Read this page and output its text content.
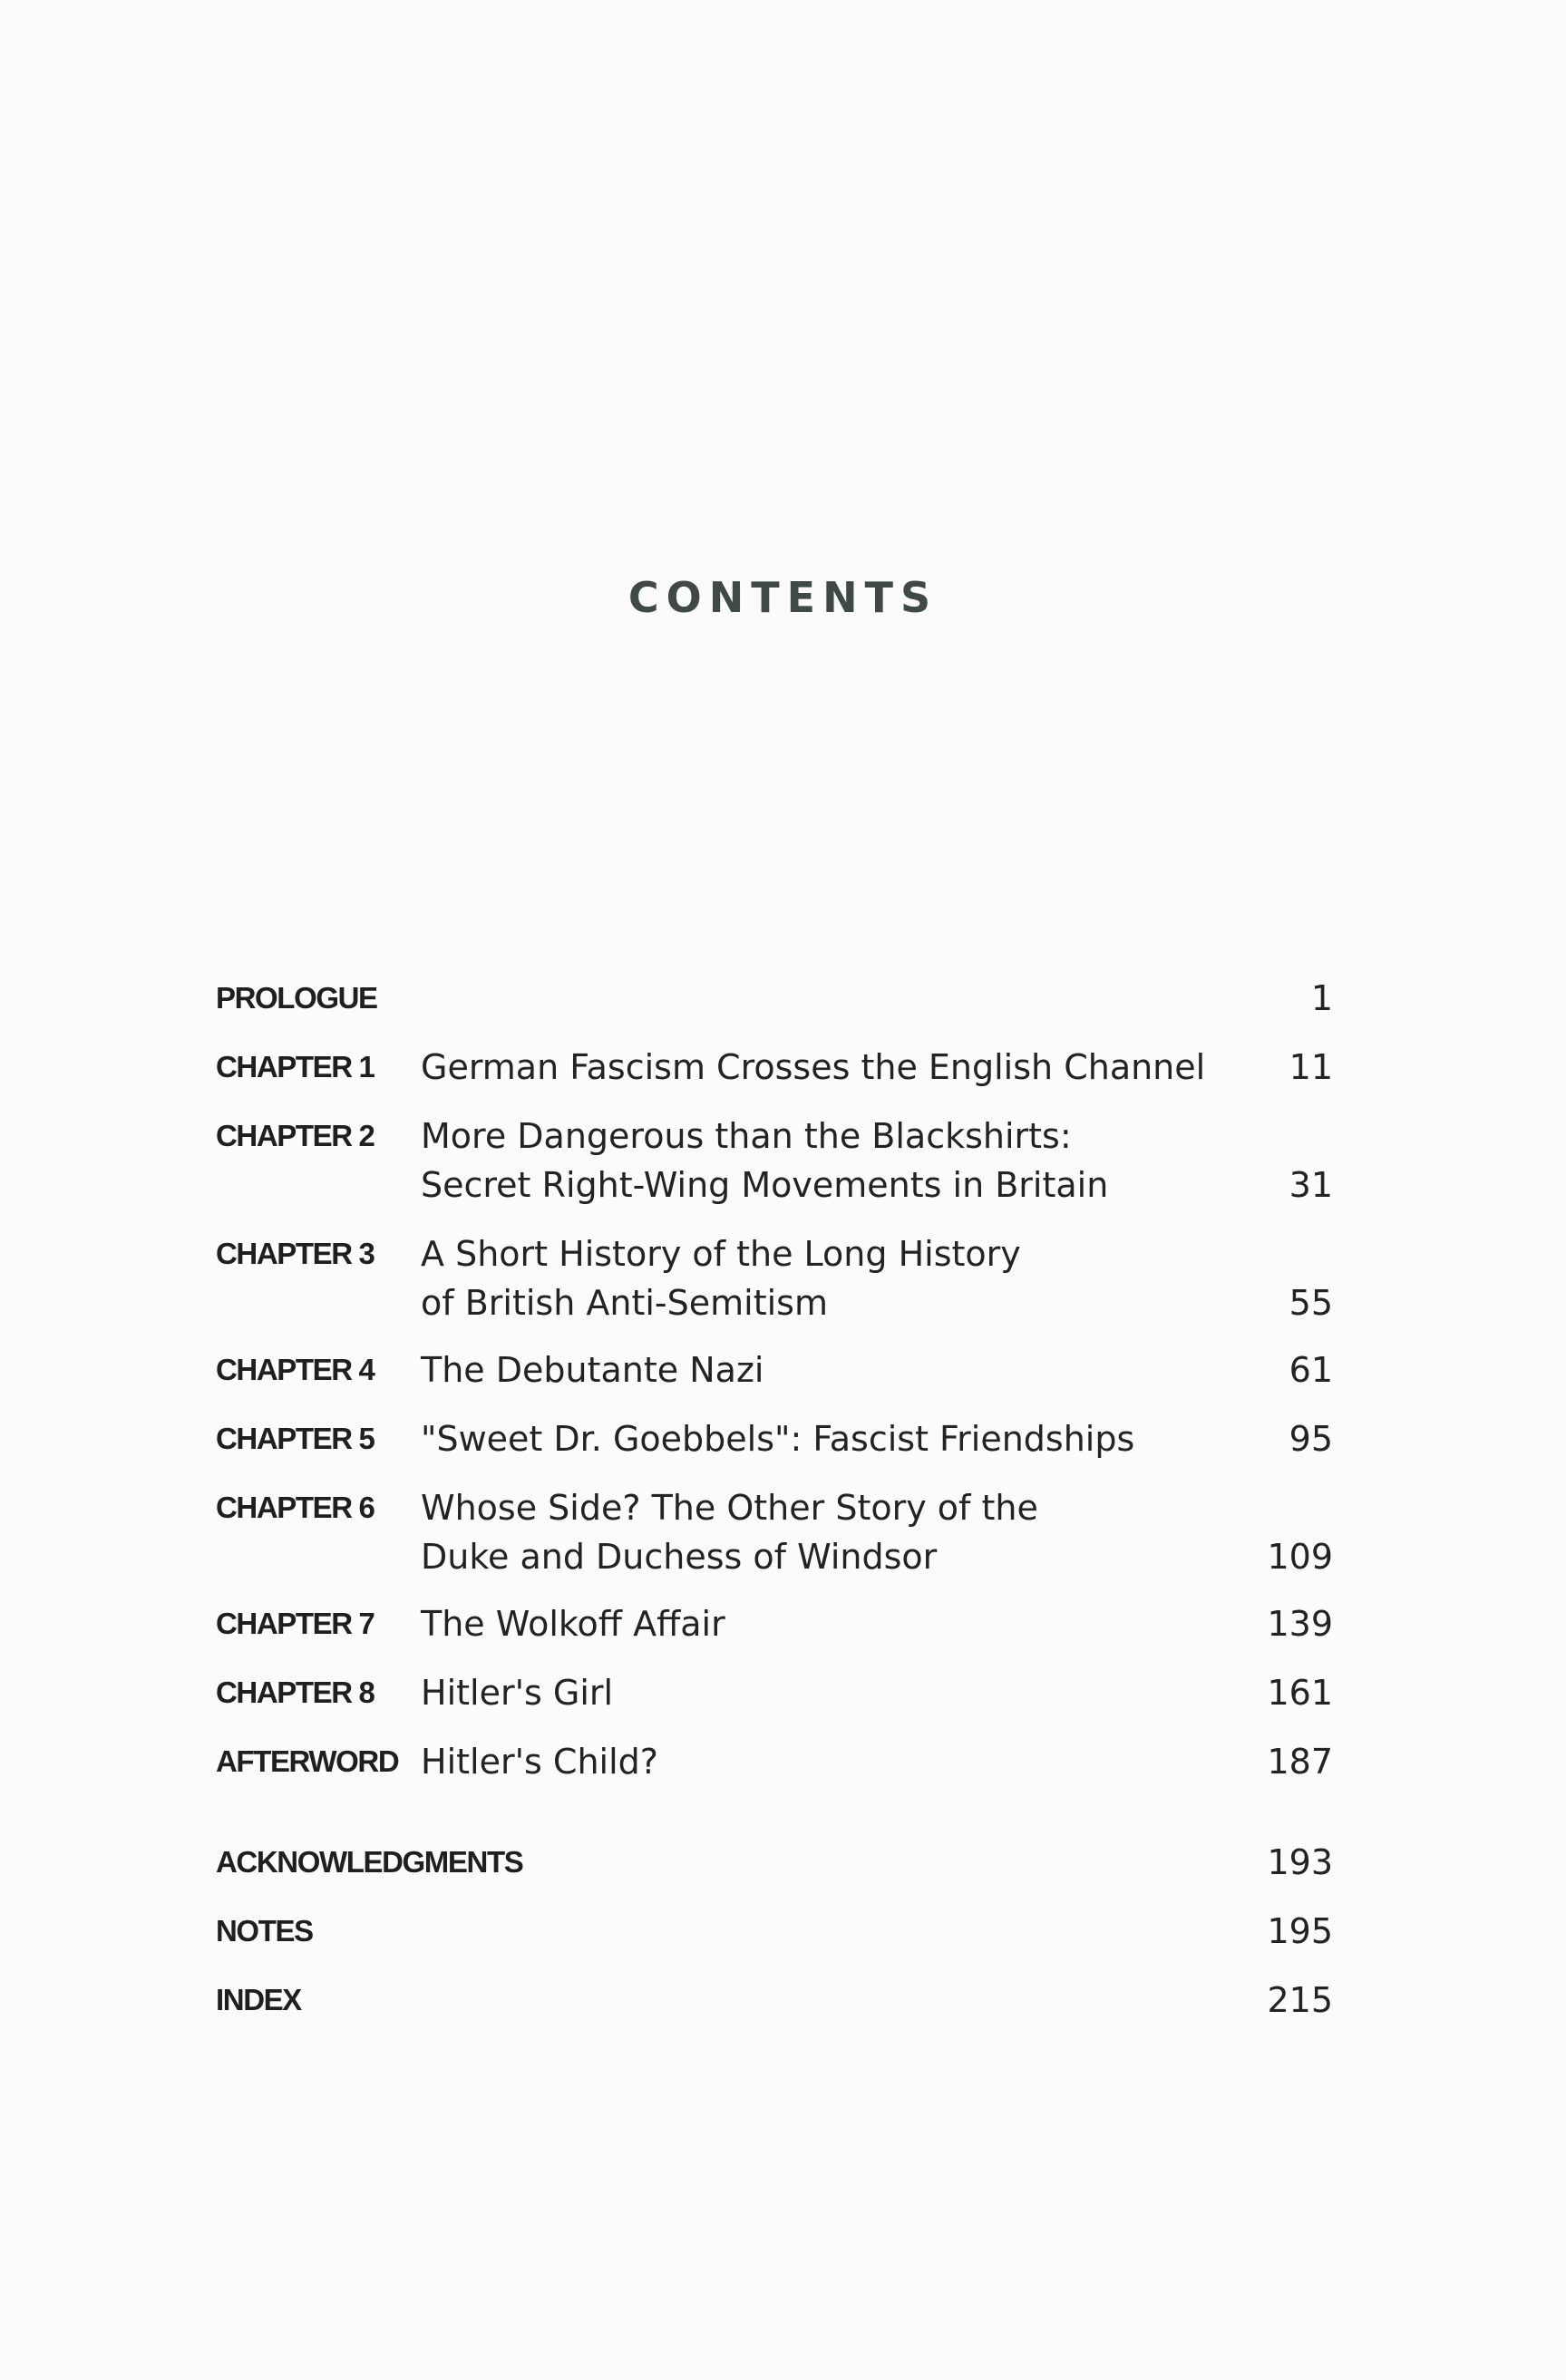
CONTENTS
PROLOGUE	1
CHAPTER 1 German Fascism Crosses the English Channel 11
CHAPTER 2 More Dangerous than the Blackshirts:
Secret Right-Wing Movements in Britain	31
CHAPTER 3 A Short History of the Long History
of British Anti-Semitism	55
CHAPTER 4 The Debutante Nazi	61
CHAPTER 5 "Sweet Dr. Goebbels": Fascist Friendships	95
CHAPTER 6 Whose Side? The Other Story of the
Duke and Duchess of Windsor	109
CHAPTER 7 The Wolkoff Affair	139
CHAPTER 8 Hitler's Girl	161
AFTERWORD Hitler's Child?	187
ACKNOWLEDGMENTS	193
NOTES	195
INDEX	215
